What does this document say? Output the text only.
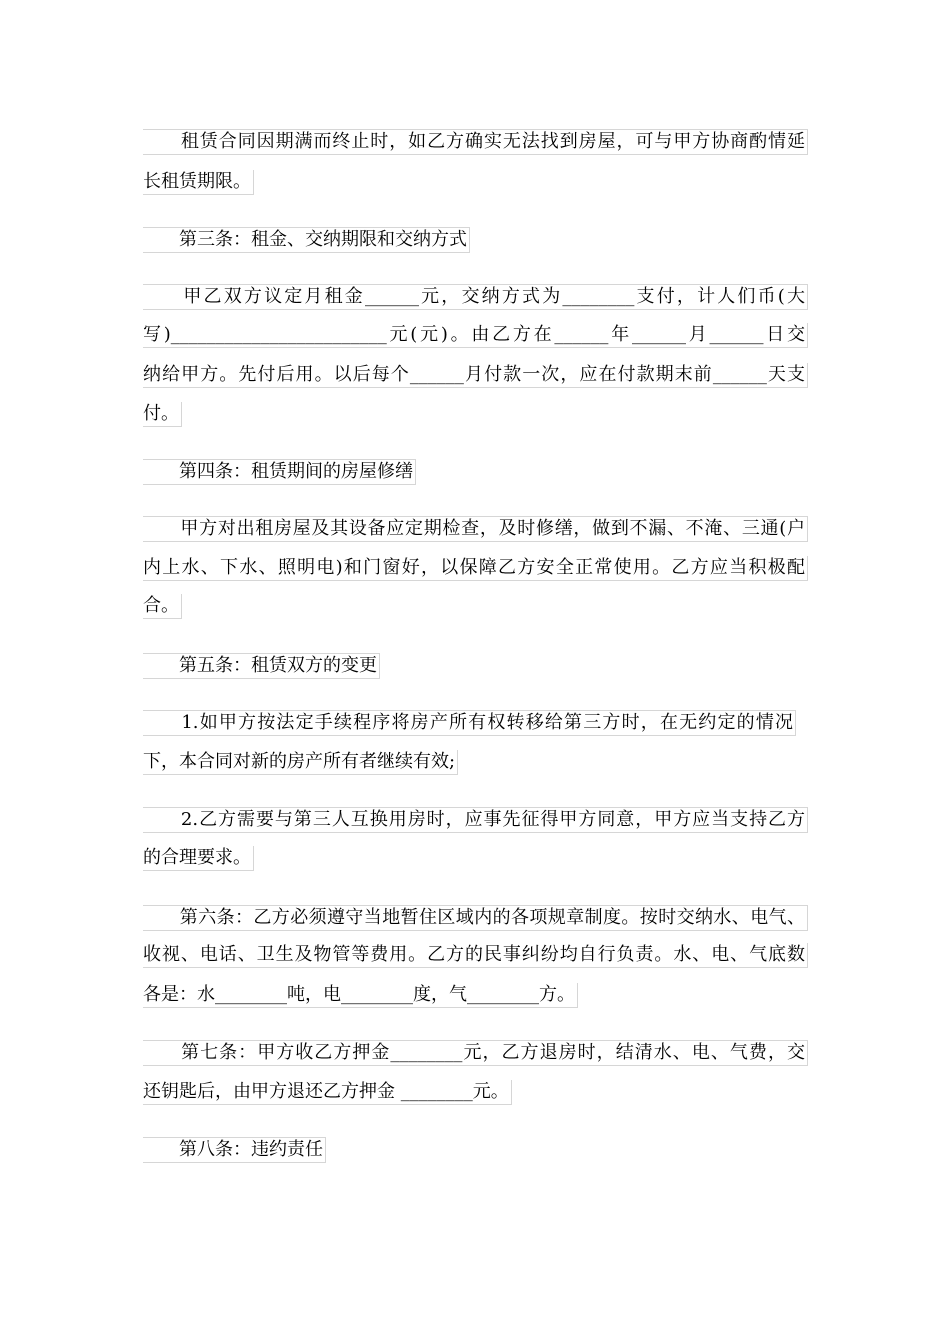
　　租赁合同因期满而终止时，如乙方确实无法找到房屋，可与甲方协商酌情延
长租赁期限。
　　第三条：租金、交纳期限和交纳方式
　　甲乙双方议定月租金______元，交纳方式为________支付，计人们币(大
写)________________________元(元)。由乙方在______年______月______日交
纳给甲方。先付后用。以后每个______月付款一次，应在付款期末前______天支
付。
　　第四条：租赁期间的房屋修缮
　　甲方对出租房屋及其设备应定期检查，及时修缮，做到不漏、不淹、三通(户
内上水、下水、照明电)和门窗好，以保障乙方安全正常使用。乙方应当积极配
合。
　　第五条：租赁双方的变更
　　1.如甲方按法定手续程序将房产所有权转移给第三方时，在无约定的情况
下，本合同对新的房产所有者继续有效;
　　2.乙方需要与第三人互换用房时，应事先征得甲方同意，甲方应当支持乙方
的合理要求。
　　第六条：乙方必须遵守当地暂住区域内的各项规章制度。按时交纳水、电气、
收视、电话、卫生及物管等费用。乙方的民事纠纷均自行负责。水、电、气底数
各是：水________吨，电________度，气________方。
　　第七条：甲方收乙方押金________元，乙方退房时，结清水、电、气费，交
还钥匙后，由甲方退还乙方押金 ________元。
　　第八条：违约责任
